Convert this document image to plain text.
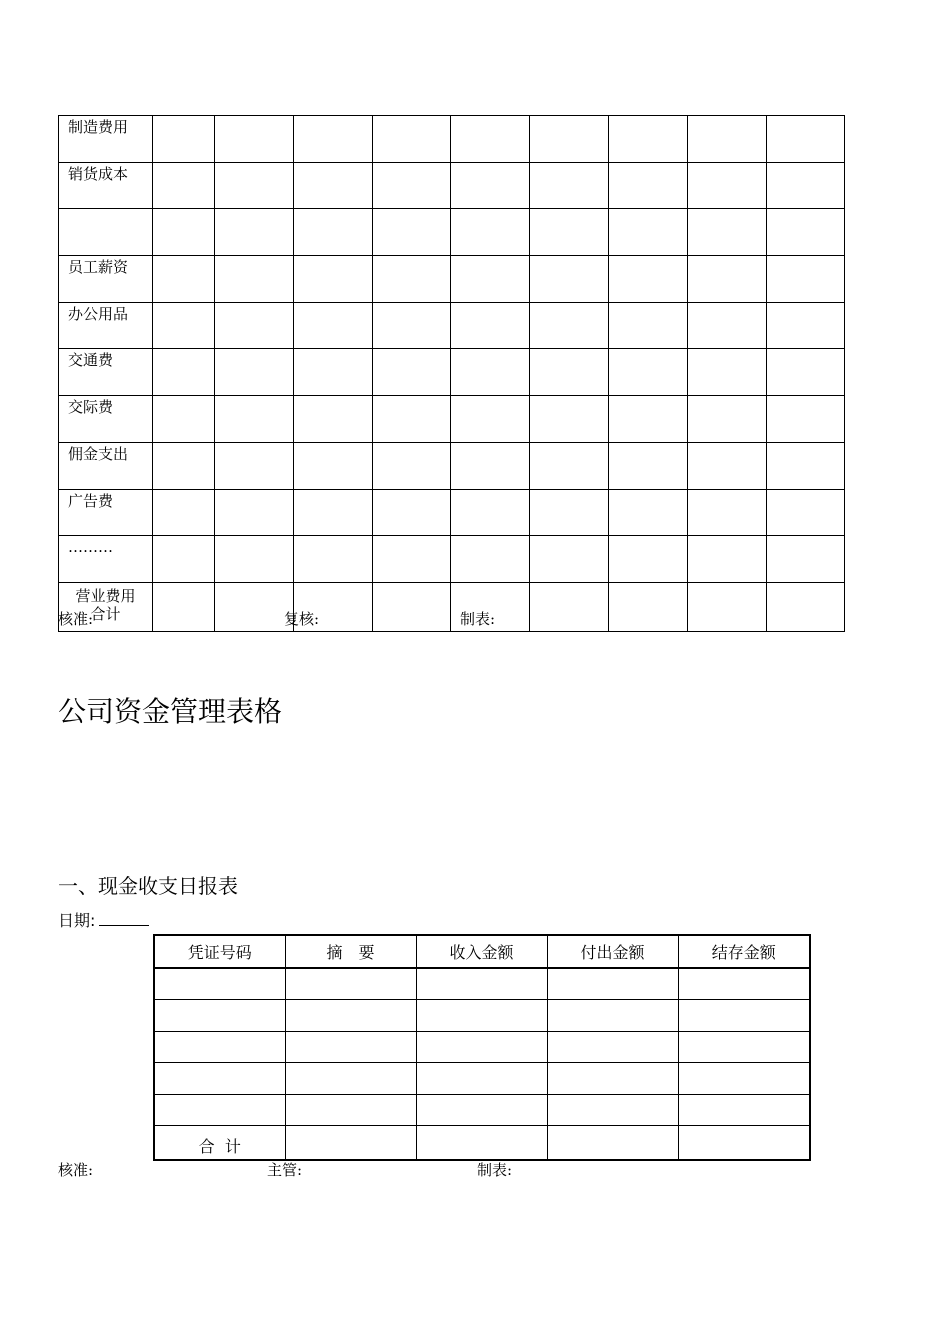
制造费用									
销货成本									

员工薪资									
办公用品									
交通费									
交际费									
佣金支出									
广告费									
………									

营业费用
合计									

核准:	复核:	制表:
公司资金管理表格
一、现金收支日报表
日期:
凭证号码	摘　要	收入金额	付出金额	结存金额

合  计				
核准:	主管:	制表:
